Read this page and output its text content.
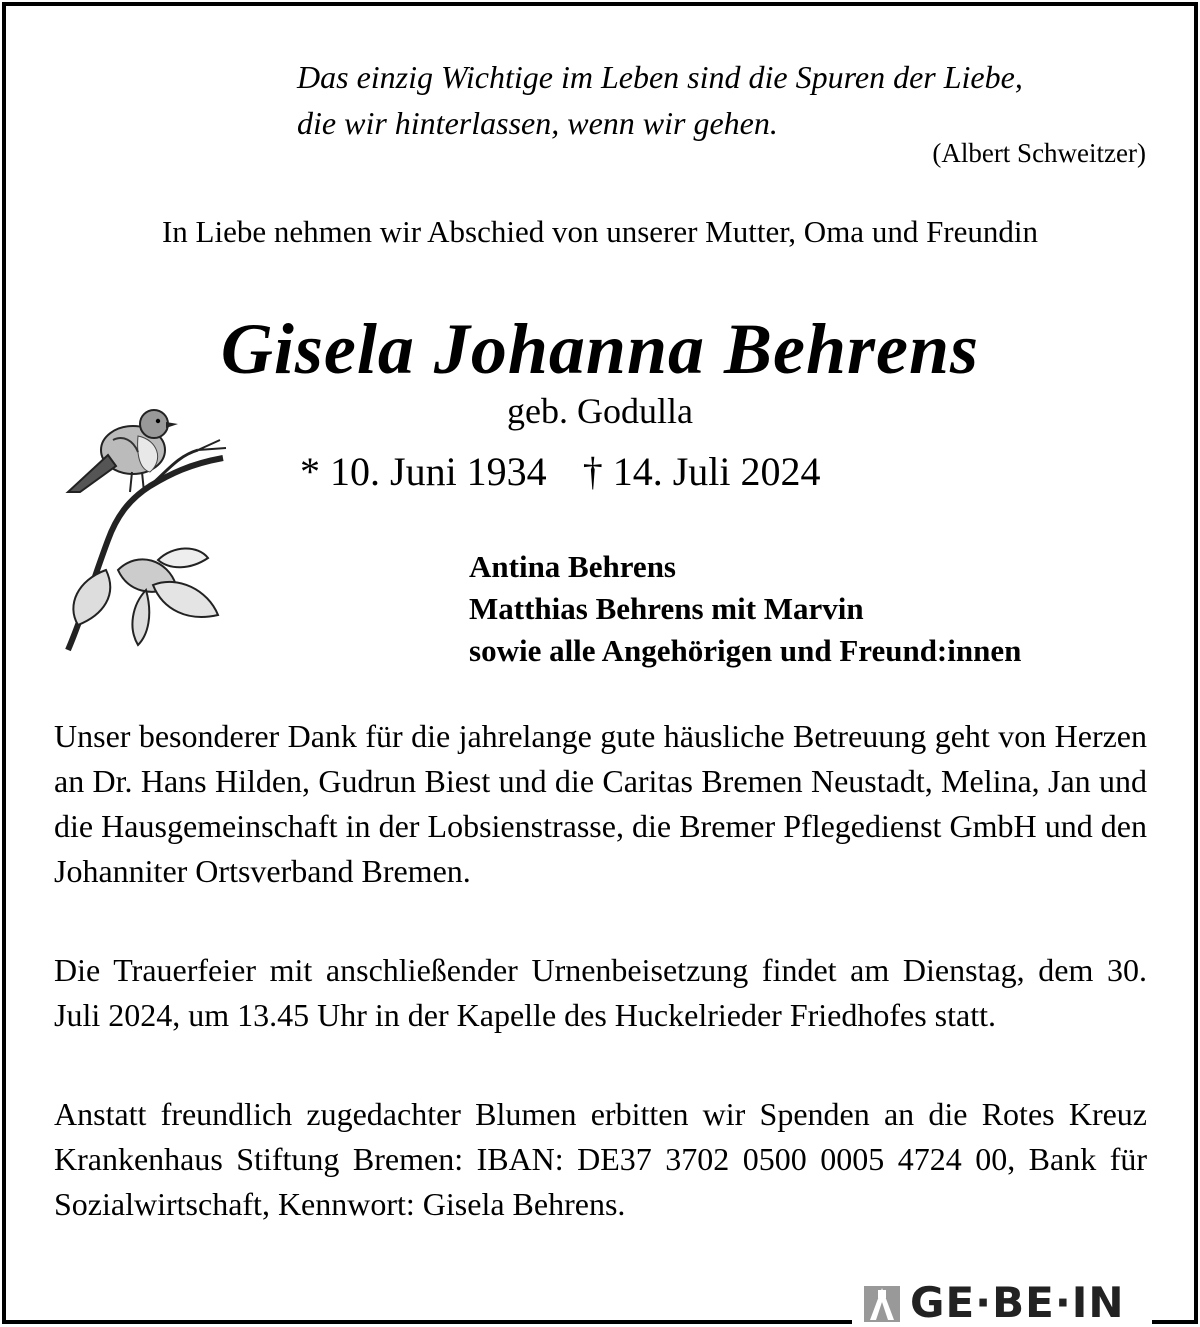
Das einzig Wichtige im Leben sind die Spuren der Liebe,
die wir hinterlassen, wenn wir gehen.

(Albert Schweitzer)

In Liebe nehmen wir Abschied von unserer Mutter, Oma und Freundin

Gisela Johanna Behrens

geb. Godulla

* 10. Juni 1934 † 14. Juli 2024

Antina Behrens
Matthias Behrens mit Marvin
sowie alle Angehörigen und Freund:innen

Unser besonderer Dank für die jahrelange gute häusliche Betreuung geht von Herzen an Dr. Hans Hilden, Gudrun Biest und die Caritas Bremen Neustadt, Melina, Jan und die Hausgemeinschaft in der Lobsienstrasse, die Bremer Pflegedienst GmbH und den Johanniter Ortsverband Bremen.

Die Trauerfeier mit anschließender Urnenbeisetzung findet am Dienstag, dem 30. Juli 2024, um 13.45 Uhr in der Kapelle des Huckelrieder Friedhofes statt.

Anstatt freundlich zugedachter Blumen erbitten wir Spenden an die Rotes Kreuz Krankenhaus Stiftung Bremen: IBAN: DE37 3702 0500 0005 4724 00, Bank für Sozialwirtschaft, Kennwort: Gisela Behrens.

GE·BE·IN
